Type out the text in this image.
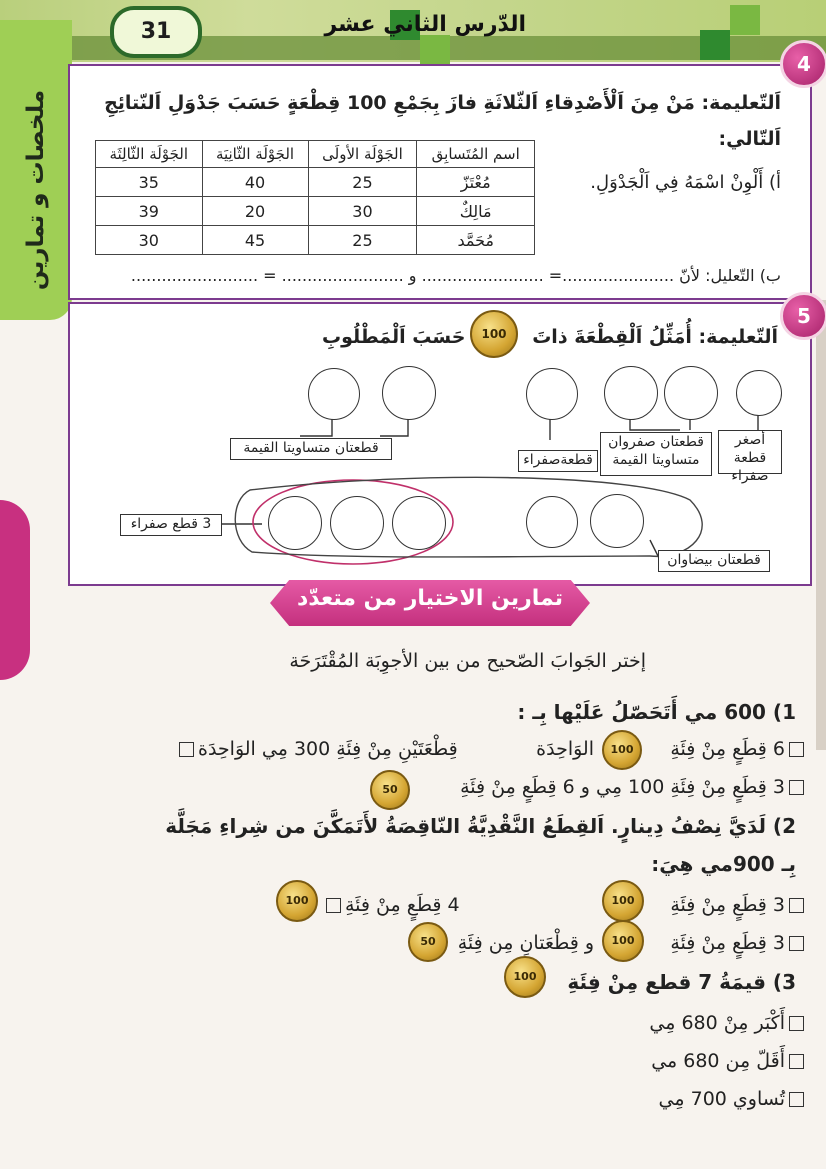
31	الدّرس الثاني عشر
ملخصات و تمارين
4
اَلتّعليمة: مَنْ مِنَ اَلْأَصْدِقاءِ اَلثّلاثَةِ فازَ بِجَمْعِ 100 قِطْعَةٍ حَسَبَ جَدْوَلِ اَلنّتائِجِ
اَلتّالي:
أ) أَلْوِنْ اسْمَهُ فِي اَلْجَدْوَلِ.
اسم المُتَسابِق	الجَوْلَة الأولَى	الجَوْلَة الثّانِيَة	الجَوْلَة الثّالِثَة
مُعْتَزّ	25	40	35
مَالِكٌ	30	20	39
مُحَمَّد	25	45	30
ب) التّعليل: لأنّ ......................= ........................ و ........................ = .........................
5
اَلتّعليمة: أُمَثِّلُ اَلْقِطْعَةَ ذاتَ
100
حَسَبَ اَلْمَطْلُوبِ
قطعتان متساويتا القيمة
قطعةصفراء
قطعتان صفروان متساويتا القيمة
أصغر قطعة صفراء
3 قطع صفراء
قطعتان بيضاوان
تمارين الاختيار من متعدّد
إختر الجَوابَ الصّحيح من بين الأجوِبَة المُقْتَرَحَة
1) 600 مي أَتَحَصّلُ عَلَيْها بِـ :
6 قِطَعٍ مِنْ فِئَةِ
100
الوَاحِدَة
قِطْعَتَيْنِ مِنْ فِئَةِ 300 مِي الوَاحِدَة
3 قِطَعٍ مِنْ فِئَةِ 100 مِي و 6 قِطَعٍ مِنْ فِئَةِ
50
2) لَدَيَّ نِصْفُ دِينارٍ. اَلقِطَعُ النَّقْدِيَّةُ النّاقِصَةُ لأَتَمَكَّنَ من شِراءِ مَجَلَّة
بِـ 900مي هِيَ:
3 قِطَعٍ مِنْ فِئَةِ
100
4 قِطَعٍ مِنْ فِئَةِ
100
3 قِطَعٍ مِنْ فِئَةِ
100
و قِطْعَتانِ مِن فِئَةِ
50
3) قيمَةُ 7 قطع مِنْ فِئَةِ
100
أَكْبَر مِنْ 680 مِي
أَقَلّ مِن 680 مي
تُساوي 700 مِي
